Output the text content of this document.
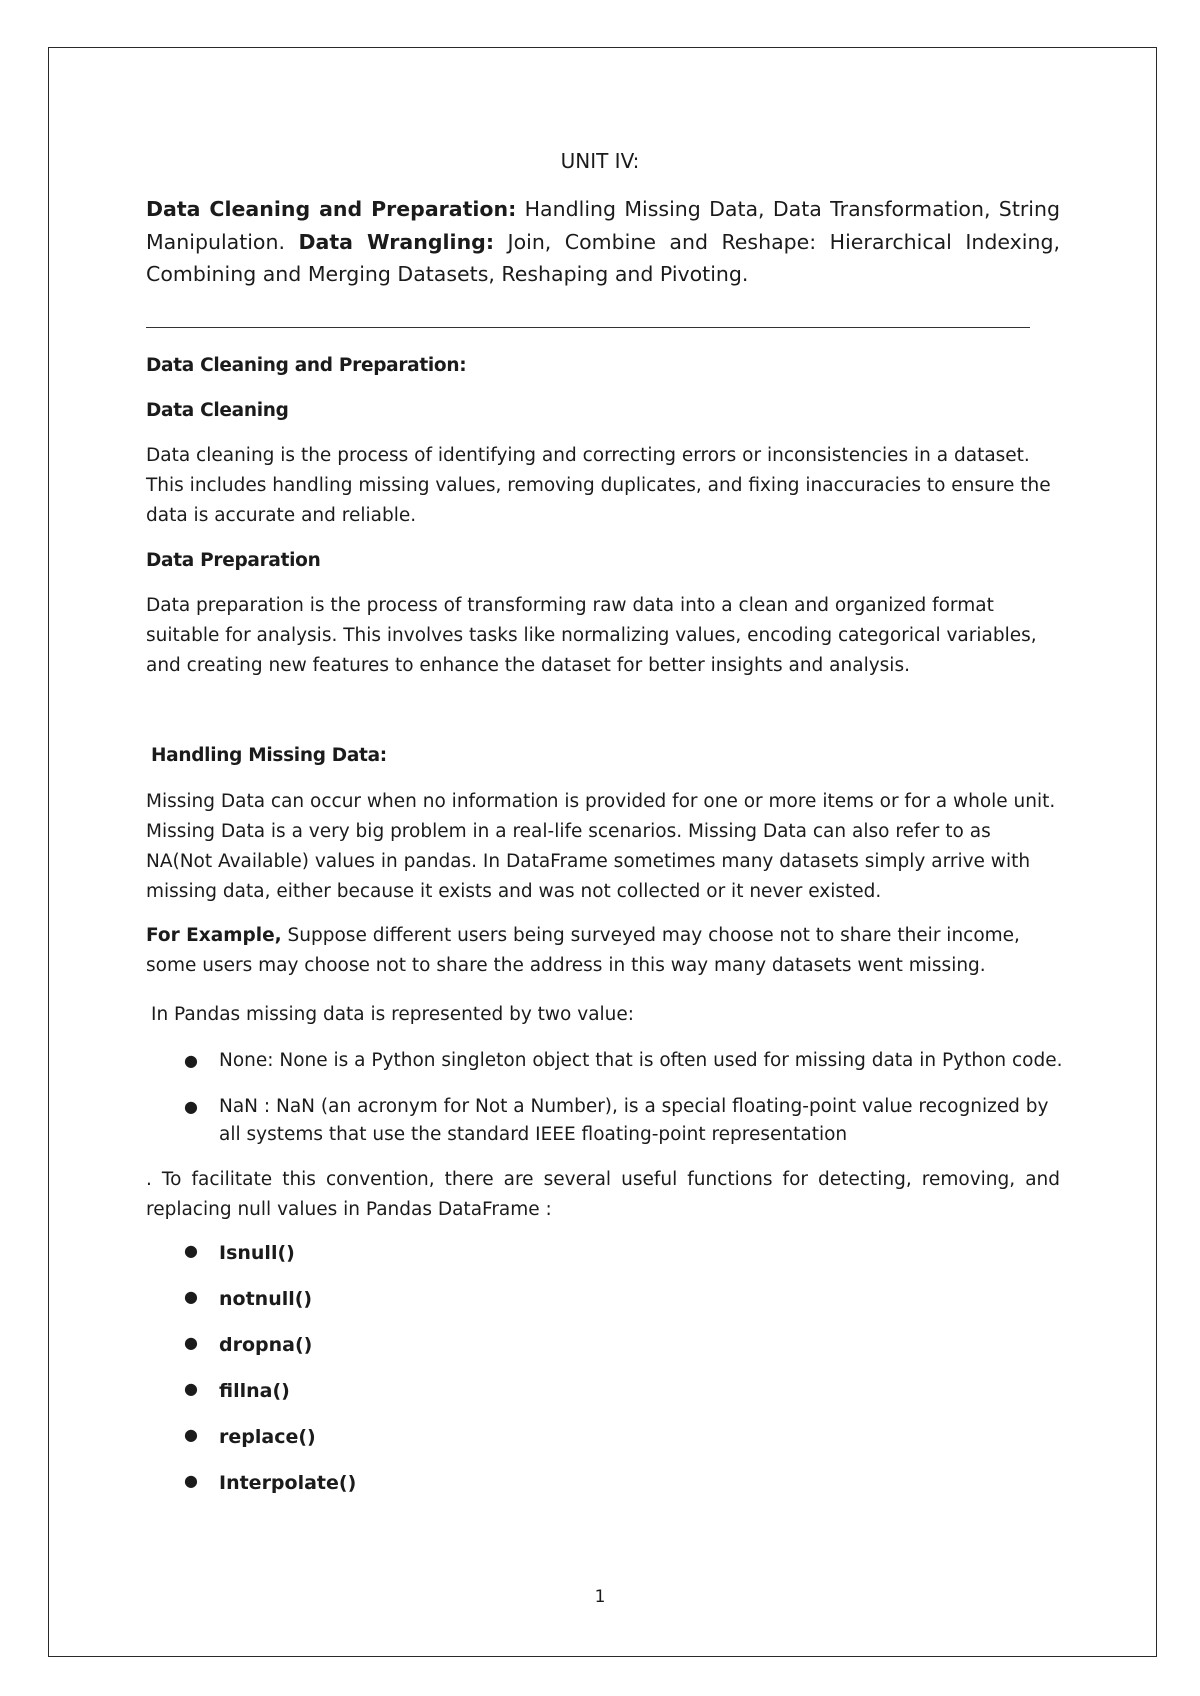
UNIT IV:
Data Cleaning and Preparation: Handling Missing Data, Data Transformation, String Manipulation. Data Wrangling: Join, Combine and Reshape: Hierarchical Indexing, Combining and Merging Datasets, Reshaping and Pivoting.
Data Cleaning and Preparation:
Data Cleaning
Data cleaning is the process of identifying and correcting errors or inconsistencies in a dataset. This includes handling missing values, removing duplicates, and fixing inaccuracies to ensure the data is accurate and reliable.
Data Preparation
Data preparation is the process of transforming raw data into a clean and organized format suitable for analysis. This involves tasks like normalizing values, encoding categorical variables, and creating new features to enhance the dataset for better insights and analysis.
Handling Missing Data:
Missing Data can occur when no information is provided for one or more items or for a whole unit. Missing Data is a very big problem in a real-life scenarios. Missing Data can also refer to as NA(Not Available) values in pandas. In DataFrame sometimes many datasets simply arrive with missing data, either because it exists and was not collected or it never existed.
For Example, Suppose different users being surveyed may choose not to share their income, some users may choose not to share the address in this way many datasets went missing.
In Pandas missing data is represented by two value:
● None: None is a Python singleton object that is often used for missing data in Python code.
● NaN : NaN (an acronym for Not a Number), is a special floating-point value recognized by all systems that use the standard IEEE floating-point representation
. To facilitate this convention, there are several useful functions for detecting, removing, and replacing null values in Pandas DataFrame :
● Isnull()
● notnull()
● dropna()
● fillna()
● replace()
● Interpolate()
1
